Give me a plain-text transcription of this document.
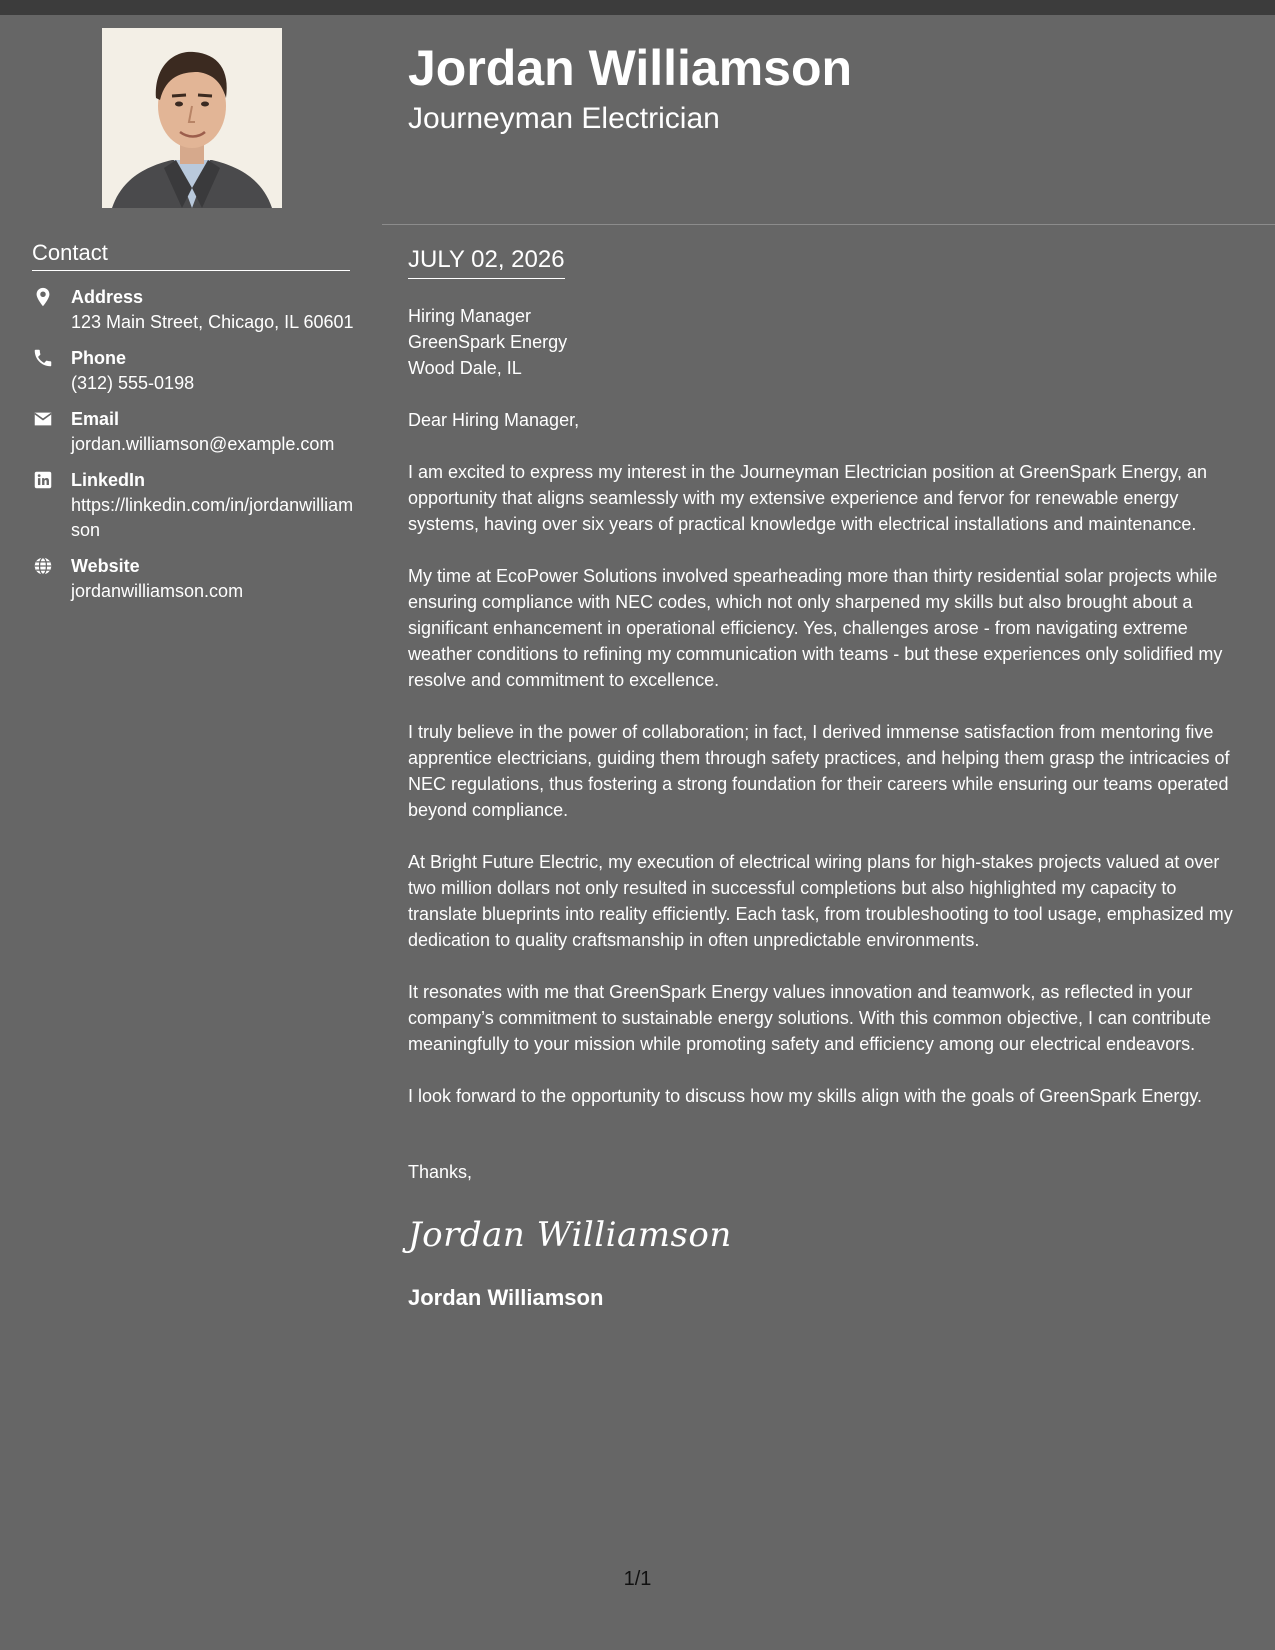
Contact
Address
123 Main Street, Chicago, IL 60601
Phone
(312) 555-0198
Email
jordan.williamson@example.com
LinkedIn
https://linkedin.com/in/jordanwilliamson
Website
jordanwilliamson.com
Jordan Williamson
Journeyman Electrician
JULY 02, 2026
Hiring Manager
GreenSpark Energy
Wood Dale, IL

Dear Hiring Manager,

I am excited to express my interest in the Journeyman Electrician position at GreenSpark Energy, an opportunity that aligns seamlessly with my extensive experience and fervor for renewable energy systems, having over six years of practical knowledge with electrical installations and maintenance.

My time at EcoPower Solutions involved spearheading more than thirty residential solar projects while ensuring compliance with NEC codes, which not only sharpened my skills but also brought about a significant enhancement in operational efficiency. Yes, challenges arose - from navigating extreme weather conditions to refining my communication with teams - but these experiences only solidified my resolve and commitment to excellence.

I truly believe in the power of collaboration; in fact, I derived immense satisfaction from mentoring five apprentice electricians, guiding them through safety practices, and helping them grasp the intricacies of NEC regulations, thus fostering a strong foundation for their careers while ensuring our teams operated beyond compliance.

At Bright Future Electric, my execution of electrical wiring plans for high-stakes projects valued at over two million dollars not only resulted in successful completions but also highlighted my capacity to translate blueprints into reality efficiently. Each task, from troubleshooting to tool usage, emphasized my dedication to quality craftsmanship in often unpredictable environments.

It resonates with me that GreenSpark Energy values innovation and teamwork, as reflected in your company’s commitment to sustainable energy solutions. With this common objective, I can contribute meaningfully to your mission while promoting safety and efficiency among our electrical endeavors.

I look forward to the opportunity to discuss how my skills align with the goals of GreenSpark Energy.

Thanks,
Jordan Williamson
Jordan Williamson
1/1
